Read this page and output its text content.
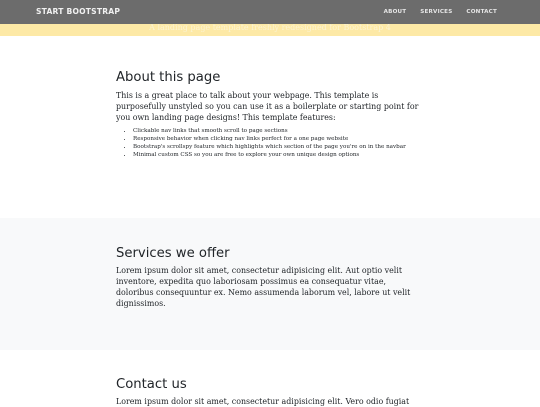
START BOOTSTRAP	ABOUT	SERVICES	CONTACT
A landing page template freshly redesigned for Bootstrap 4
About this page

This is a great place to talk about your webpage. This template is purposefully unstyled so you can use it as a boilerplate or starting point for you own landing page designs! This template features:

• Clickable nav links that smooth scroll to page sections
• Responsive behavior when clicking nav links perfect for a one page website
• Bootstrap's scrollspy feature which highlights which section of the page you're on in the navbar
• Minimal custom CSS so you are free to explore your own unique design options
Services we offer

Lorem ipsum dolor sit amet, consectetur adipisicing elit. Aut optio velit inventore, expedita quo laboriosam possimus ea consequatur vitae, doloribus consequuntur ex. Nemo assumenda laborum vel, labore ut velit dignissimos.

Contact us

Lorem ipsum dolor sit amet, consectetur adipisicing elit. Vero odio fugiat
